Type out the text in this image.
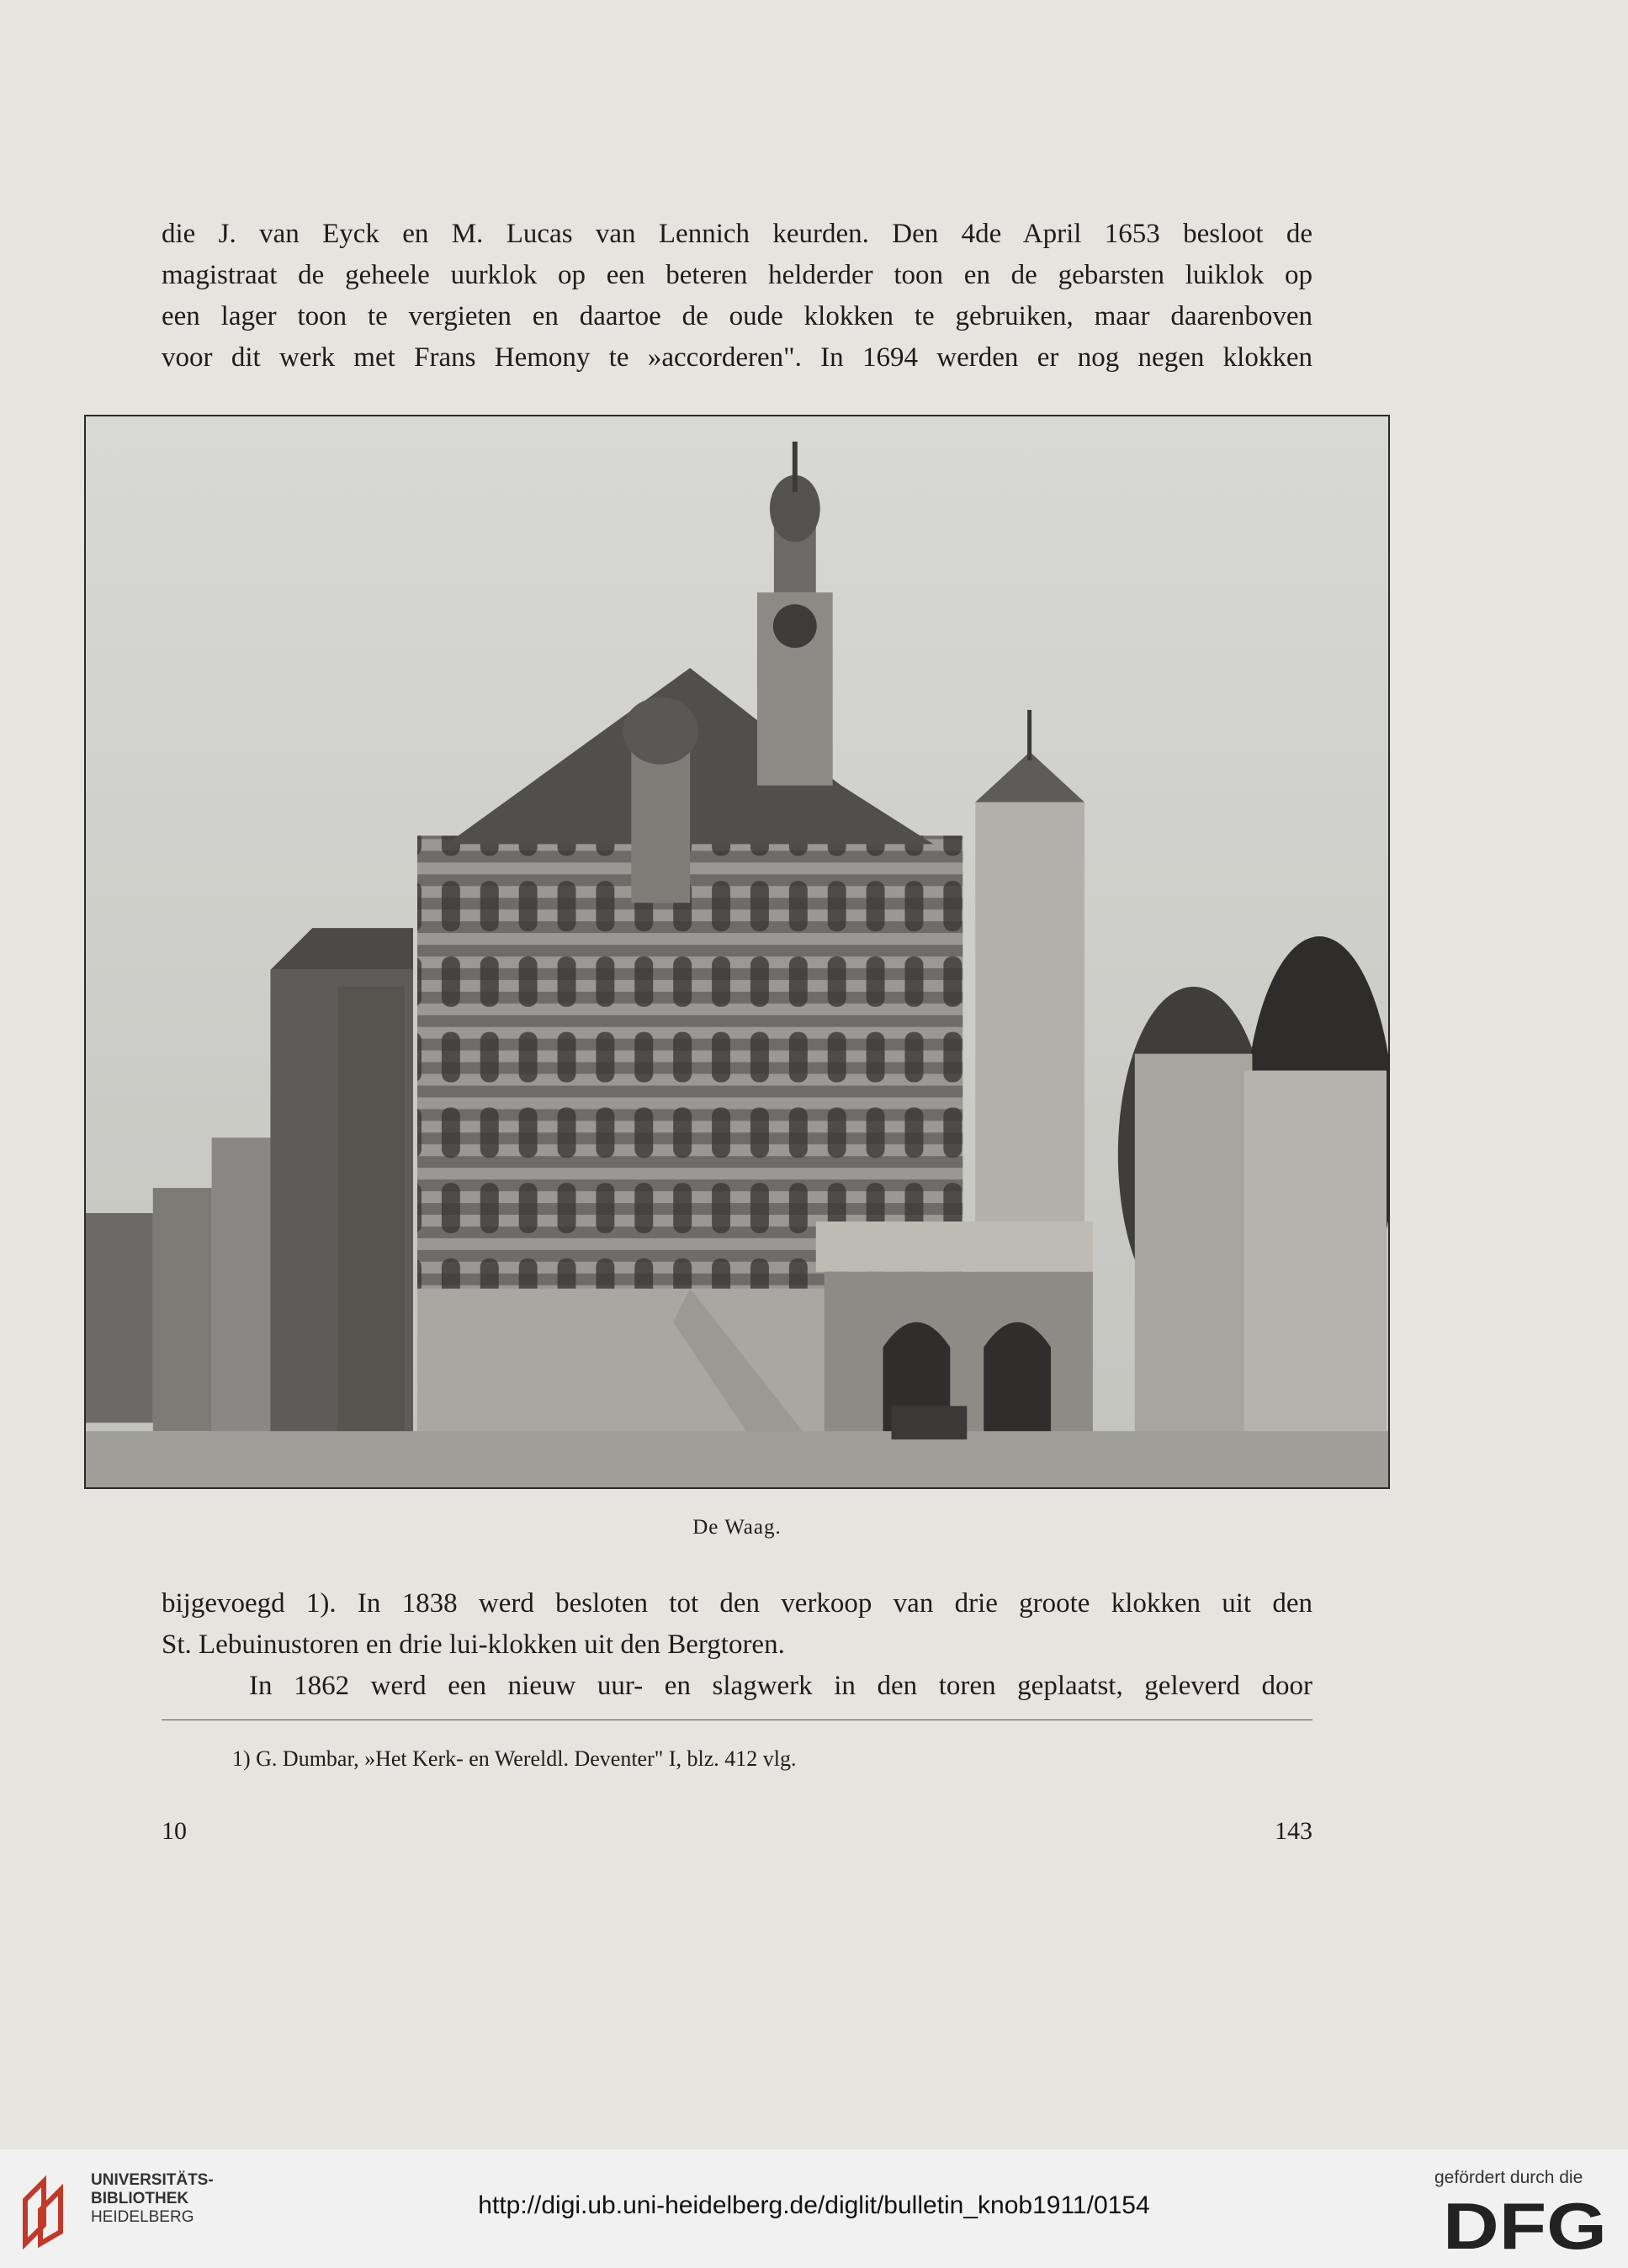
die J. van Eyck en M. Lucas van Lennich keurden. Den 4de April 1653 besloot de
magistraat de geheele uurklok op een beteren helderder toon en de gebarsten luiklok op
een lager toon te vergieten en daartoe de oude klokken te gebruiken, maar daarenboven
voor dit werk met Frans Hemony te »accorderen". In 1694 werden er nog negen klokken
De Waag.
bijgevoegd 1). In 1838 werd besloten tot den verkoop van drie groote klokken uit den
St. Lebuinustoren en drie lui-klokken uit den Bergtoren.
In 1862 werd een nieuw uur- en slagwerk in den toren geplaatst, geleverd door
1) G. Dumbar, »Het Kerk- en Wereldl. Deventer" I, blz. 412 vlg.
10	143
UNIVERSITÄTS-
BIBLIOTHEK
HEIDELBERG	http://digi.ub.uni-heidelberg.de/diglit/bulletin_knob1911/0154
gefördert durch die
DFG
